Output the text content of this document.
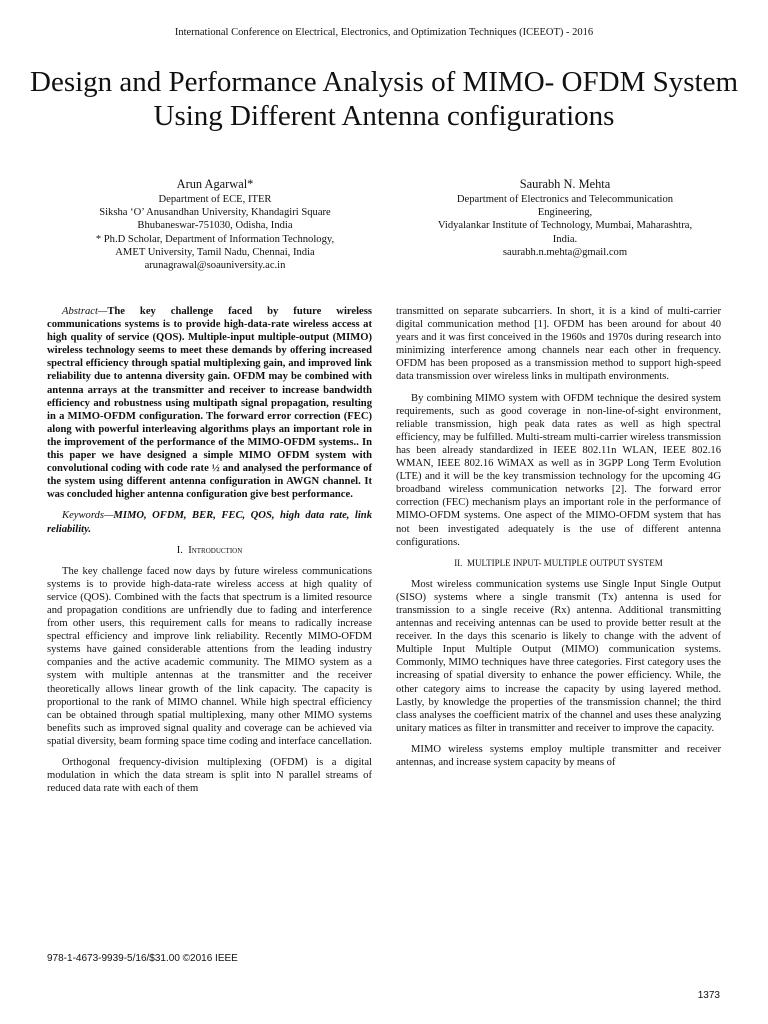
International Conference on Electrical, Electronics, and Optimization Techniques (ICEEOT) - 2016
Design and Performance Analysis of MIMO- OFDM System Using Different Antenna configurations
Arun Agarwal*
Department of ECE, ITER
Siksha ‘O’ Anusandhan University, Khandagiri Square
Bhubaneswar-751030, Odisha, India
* Ph.D Scholar, Department of Information Technology,
AMET University, Tamil Nadu, Chennai, India
arunagrawal@soauniversity.ac.in
Saurabh N. Mehta
Department of Electronics and Telecommunication
Engineering,
Vidyalankar Institute of Technology, Mumbai, Maharashtra,
India.
saurabh.n.mehta@gmail.com

Abstract—The key challenge faced by future wireless communications systems is to provide high-data-rate wireless access at high quality of service (QOS). Multiple-input multiple-output (MIMO) wireless technology seems to meet these demands by offering increased spectral efficiency through spatial multiplexing gain, and improved link reliability due to antenna diversity gain. OFDM may be combined with antenna arrays at the transmitter and receiver to increase bandwidth efficiency and robustness using multipath signal propagation, resulting in a MIMO-OFDM configuration. The forward error correction (FEC) along with powerful interleaving algorithms plays an important role in the improvement of the performance of the MIMO-OFDM systems.. In this paper we have designed a simple MIMO OFDM system with convolutional coding with code rate ½ and analysed the performance of the system using different antenna configuration in AWGN channel. It was concluded higher antenna configuration give best performance.

Keywords—MIMO, OFDM, BER, FEC, QOS, high data rate, link reliability.

I. Introduction

The key challenge faced now days by future wireless communications systems is to provide high-data-rate wireless access at high quality of service (QOS). Combined with the facts that spectrum is a limited resource and propagation conditions are unfriendly due to fading and interference from other users, this requirement calls for means to radically increase spectral efficiency and improve link reliability. Recently MIMO-OFDM systems have gained considerable attentions from the leading industry companies and the active academic community. The MIMO system as a system with multiple antennas at the transmitter and the receiver theoretically allows linear growth of the link capacity. The capacity is proportional to the rank of MIMO channel. While high spectral efficiency can be obtained through spatial multiplexing, many other MIMO systems benefits such as improved signal quality and coverage can be achieved via spatial diversity, beam forming space time coding and interface cancellation.

Orthogonal frequency-division multiplexing (OFDM) is a digital modulation in which the data stream is split into N parallel streams of reduced data rate with each of them

transmitted on separate subcarriers. In short, it is a kind of multi-carrier digital communication method [1]. OFDM has been around for about 40 years and it was first conceived in the 1960s and 1970s during research into minimizing interference among channels near each other in frequency. OFDM has been proposed as a transmission method to support high-speed data transmission over wireless links in multipath environments.

By combining MIMO system with OFDM technique the desired system requirements, such as good coverage in non-line-of-sight environment, reliable transmission, high peak data rates as well as high spectral efficiency, may be fulfilled. Multi-stream multi-carrier wireless transmission has been already standardized in IEEE 802.11n WLAN, IEEE 802.16 WMAN, IEEE 802.16 WiMAX as well as in 3GPP Long Term Evolution (LTE) and it will be the key transmission technology for the upcoming 4G broadband wireless communication networks [2]. The forward error correction (FEC) mechanism plays an important role in the performance of MIMO-OFDM systems. One aspect of the MIMO-OFDM system that has not been investigated adequately is the use of different antenna configurations.

II. MULTIPLE INPUT- MULTIPLE OUTPUT SYSTEM

Most wireless communication systems use Single Input Single Output (SISO) systems where a single transmit (Tx) antenna is used for transmission to a single receive (Rx) antenna. Additional transmitting antennas and receiving antennas can be used to provide better result at the receiver. In the days this scenario is likely to change with the advent of Multiple Input Multiple Output (MIMO) communication systems. Commonly, MIMO techniques have three categories. First category uses the increasing of spatial diversity to enhance the power efficiency. While, the other category aims to increase the capacity by using layered method. Lastly, by knowledge the properties of the transmission channel; the third class analyses the coefficient matrix of the channel and uses these analyzing unitary matices as filter in transmitter and receiver to improve the capacity.

MIMO wireless systems employ multiple transmitter and receiver antennas, and increase system capacity by means of

978-1-4673-9939-5/16/$31.00 ©2016 IEEE
1373
